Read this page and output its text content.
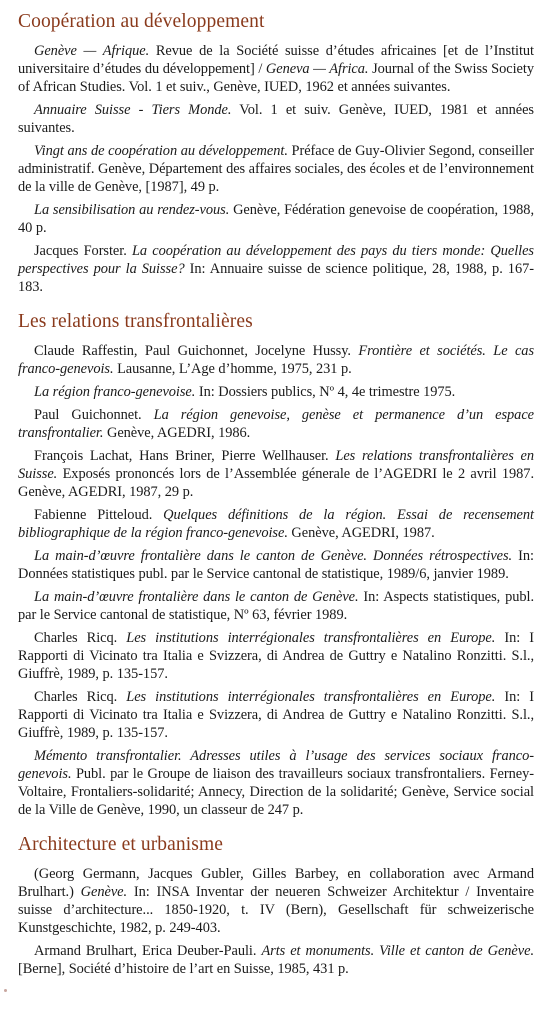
Coopération au développement

Genève — Afrique. Revue de la Société suisse d’études africaines [et de l’Institut universitaire d’études du développement] / Geneva — Africa. Journal of the Swiss Society of African Studies. Vol. 1 et suiv., Genève, IUED, 1962 et années suivantes.

Annuaire Suisse - Tiers Monde. Vol. 1 et suiv. Genève, IUED, 1981 et années suivantes.

Vingt ans de coopération au développement. Préface de Guy-Olivier Segond, conseiller administratif. Genève, Département des affaires sociales, des écoles et de l’environnement de la ville de Genève, [1987], 49 p.

La sensibilisation au rendez-vous. Genève, Fédération genevoise de coopération, 1988, 40 p.

Jacques Forster. La coopération au développement des pays du tiers monde: Quelles perspectives pour la Suisse? In: Annuaire suisse de science politique, 28, 1988, p. 167-183.

Les relations transfrontalières

Claude Raffestin, Paul Guichonnet, Jocelyne Hussy. Frontière et sociétés. Le cas franco-genevois. Lausanne, L’Age d’homme, 1975, 231 p.

La région franco-genevoise. In: Dossiers publics, Nº 4, 4e trimestre 1975.

Paul Guichonnet. La région genevoise, genèse et permanence d’un espace transfrontalier. Genève, AGEDRI, 1986.

François Lachat, Hans Briner, Pierre Wellhauser. Les relations transfrontalières en Suisse. Exposés prononcés lors de l’Assemblée génerale de l’AGEDRI le 2 avril 1987. Genève, AGEDRI, 1987, 29 p.

Fabienne Pitteloud. Quelques définitions de la région. Essai de recensement bibliographique de la région franco-genevoise. Genève, AGEDRI, 1987.

La main-d’œuvre frontalière dans le canton de Genève. Données rétrospectives. In: Données statistiques publ. par le Service cantonal de statistique, 1989/6, janvier 1989.

La main-d’œuvre frontalière dans le canton de Genève. In: Aspects statistiques, publ. par le Service cantonal de statistique, Nº 63, février 1989.

Charles Ricq. Les institutions interrégionales transfrontalières en Europe. In: I Rapporti di Vicinato tra Italia e Svizzera, di Andrea de Guttry e Natalino Ronzitti. S.l., Giuffrè, 1989, p. 135-157.

Charles Ricq. Les institutions interrégionales transfrontalières en Europe. In: I Rapporti di Vicinato tra Italia e Svizzera, di Andrea de Guttry e Natalino Ronzitti. S.l., Giuffrè, 1989, p. 135-157.

Mémento transfrontalier. Adresses utiles à l’usage des services sociaux franco-genevois. Publ. par le Groupe de liaison des travailleurs sociaux transfrontaliers. Ferney-Voltaire, Frontaliers-solidarité; Annecy, Direction de la solidarité; Genève, Service social de la Ville de Genève, 1990, un classeur de 247 p.

Architecture et urbanisme

(Georg Germann, Jacques Gubler, Gilles Barbey, en collaboration avec Armand Brulhart.) Genève. In: INSA Inventar der neueren Schweizer Architektur / Inventaire suisse d’architecture... 1850-1920, t. IV (Bern), Gesellschaft für schweizerische Kunstgeschichte, 1982, p. 249-403.

Armand Brulhart, Erica Deuber-Pauli. Arts et monuments. Ville et canton de Genève. [Berne], Société d’histoire de l’art en Suisse, 1985, 431 p.
